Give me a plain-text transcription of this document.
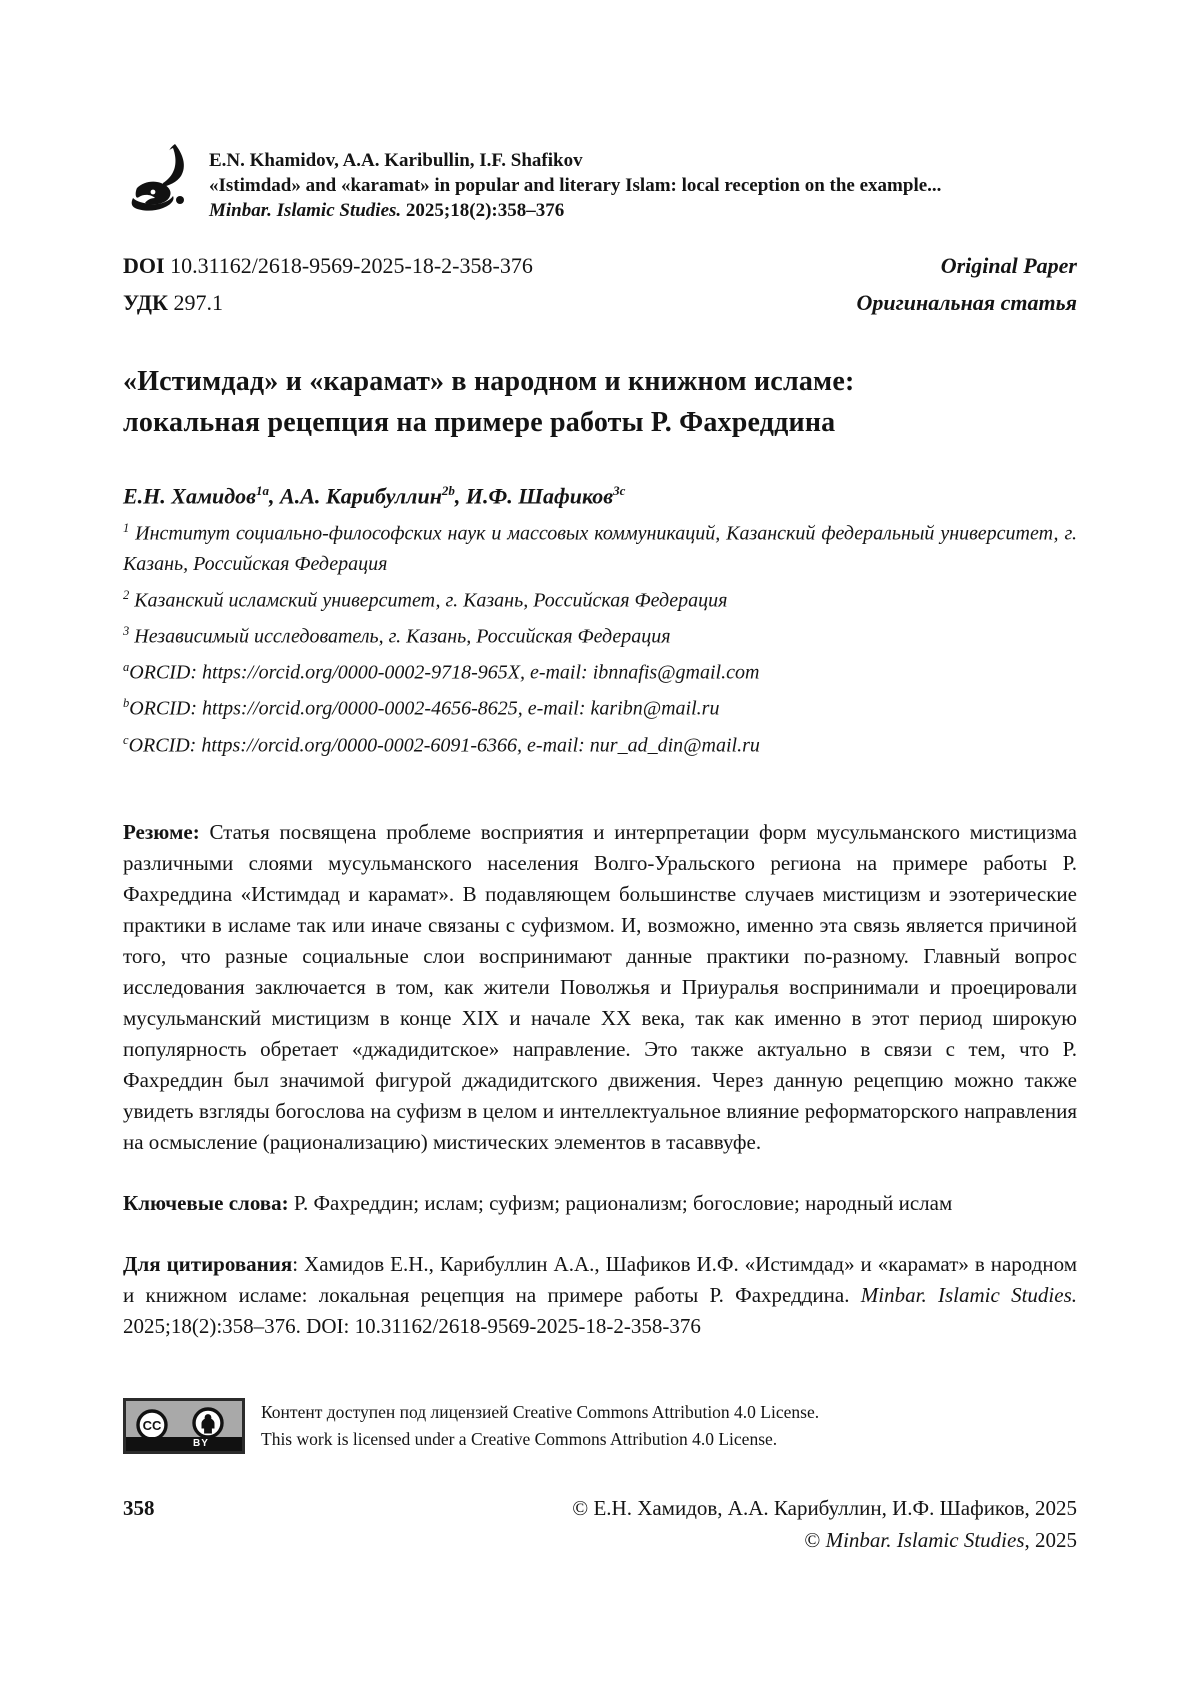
E.N. Khamidov, A.A. Karibullin, I.F. Shafikov
«Istimdad» and «karamat» in popular and literary Islam: local reception on the example...
Minbar. Islamic Studies. 2025;18(2):358–376
DOI 10.31162/2618-9569-2025-18-2-358-376
УДК 297.1
Original Paper
Оригинальная статья
«Истимдад» и «карамат» в народном и книжном исламе:
локальная рецепция на примере работы Р. Фахреддина
Е.Н. Хамидов$^{1a}$, А.А. Карибуллин$^{2b}$, И.Ф. Шафиков$^{3c}$
$^1$ Институт социально-философских наук и массовых коммуникаций, Казанский федеральный университет, г. Казань, Российская Федерация
$^2$ Казанский исламский университет, г. Казань, Российская Федерация
$^3$ Независимый исследователь, г. Казань, Российская Федерация
$^a$ORCID: https://orcid.org/0000-0002-9718-965X, e-mail: ibnnafis@gmail.com
$^b$ORCID: https://orcid.org/0000-0002-4656-8625, e-mail: karibn@mail.ru
$^c$ORCID: https://orcid.org/0000-0002-6091-6366, e-mail: nur_ad_din@mail.ru

Резюме: Статья посвящена проблеме восприятия и интерпретации форм мусульманского мистицизма различными слоями мусульманского населения Волго-Уральского региона на примере работы Р. Фахреддина «Истимдад и карамат». В подавляющем большинстве случаев мистицизм и эзотерические практики в исламе так или иначе связаны с суфизмом. И, возможно, именно эта связь является причиной того, что разные социальные слои воспринимают данные практики по-разному. Главный вопрос исследования заключается в том, как жители Поволжья и Приуралья воспринимали и проецировали мусульманский мистицизм в конце XIX и начале XX века, так как именно в этот период широкую популярность обретает «джадидитское» направление. Это также актуально в связи с тем, что Р. Фахреддин был значимой фигурой джадидитского движения. Через данную рецепцию можно также увидеть взгляды богослова на суфизм в целом и интеллектуальное влияние реформаторского направления на осмысление (рационализацию) мистических элементов в тасаввуфе.

Ключевые слова: Р. Фахреддин; ислам; суфизм; рационализм; богословие; народный ислам

Для цитирования: Хамидов Е.Н., Карибуллин А.А., Шафиков И.Ф. «Истимдад» и «карамат» в народном и книжном исламе: локальная рецепция на примере работы Р. Фахреддина. Minbar. Islamic Studies. 2025;18(2):358–376. DOI: 10.31162/2618-9569-2025-18-2-358-376

CC
BY
Контент доступен под лицензией Creative Commons Attribution 4.0 License.
This work is licensed under a Creative Commons Attribution 4.0 License.
358	© Е.Н. Хамидов, А.А. Карибуллин, И.Ф. Шафиков, 2025
© Minbar. Islamic Studies, 2025
